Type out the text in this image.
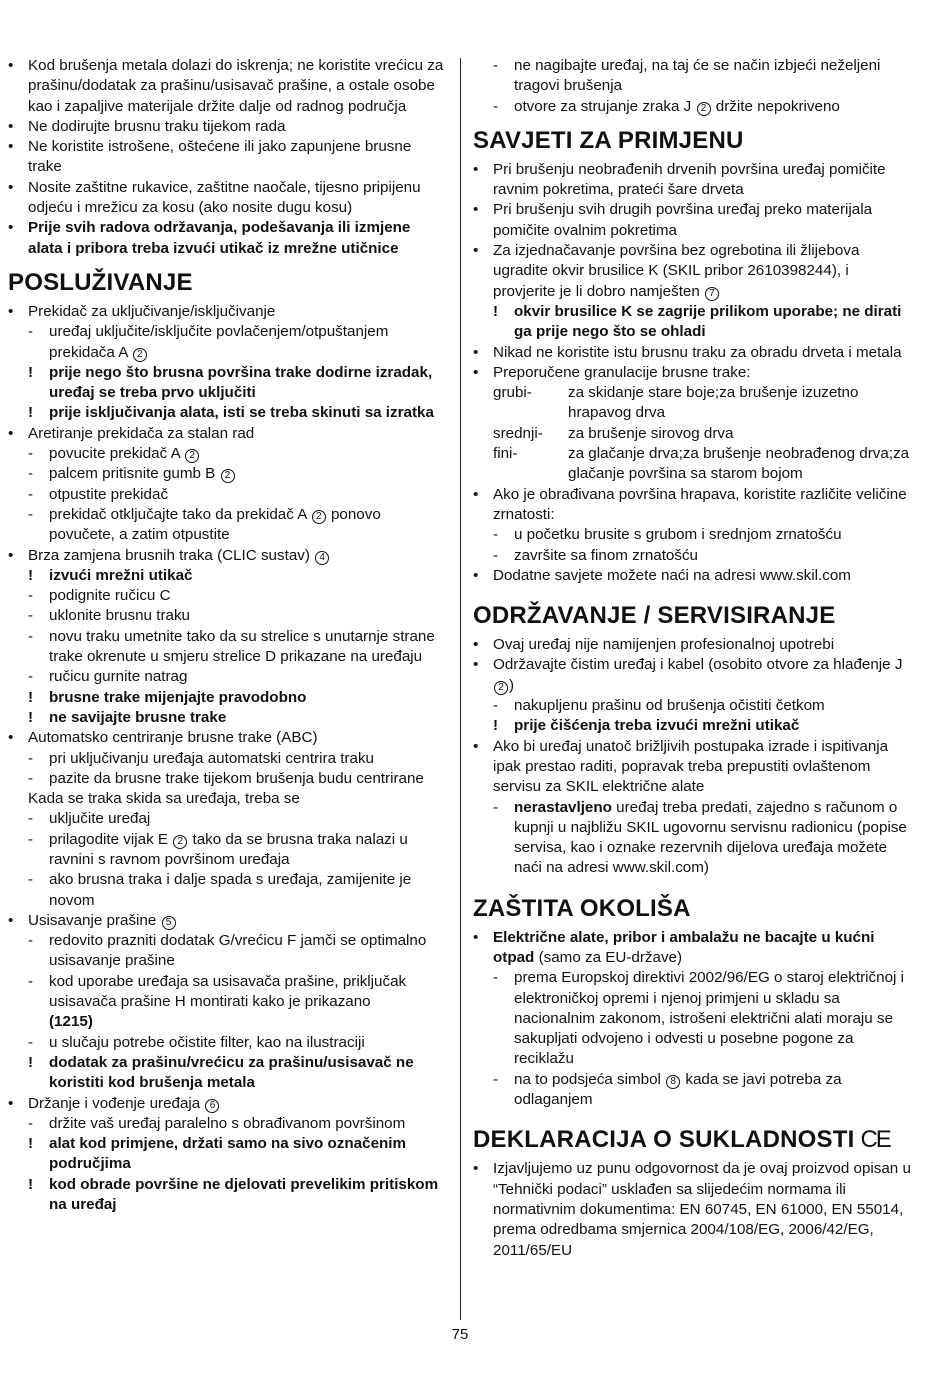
• Kod brušenja metala dolazi do iskrenja; ne koristite vrećicu za prašinu/dodatak za prašinu/usisavač prašine, a ostale osobe kao i zapaljive materijale držite dalje od radnog područja
• Ne dodirujte brusnu traku tijekom rada
• Ne koristite istrošene, oštećene ili jako zapunjene brusne trake
• Nosite zaštitne rukavice, zaštitne naočale, tijesno pripijenu odjeću i mrežicu za kosu (ako nosite dugu kosu)
• Prije svih radova održavanja, podešavanja ili izmjene alata i pribora treba izvući utikač iz mrežne utičnice
POSLUŽIVANJE
• Prekidač za uključivanje/isključivanje
-	uređaj uključite/isključite povlačenjem/otpuštanjem prekidača A 2
!	prije nego što brusna površina trake dodirne izradak, uređaj se treba prvo uključiti
!	prije isključivanja alata, isti se treba skinuti sa izratka
• Aretiranje prekidača za stalan rad
-	povucite prekidač A 2
-	palcem pritisnite gumb B 2
-	otpustite prekidač
-	prekidač otključajte tako da prekidač A 2 ponovo povučete, a zatim otpustite
• Brza zamjena brusnih traka (CLIC sustav) 4
!	izvući mrežni utikač
-	podignite ručicu C
-	uklonite brusnu traku
-	novu traku umetnite tako da su strelice s unutarnje strane trake okrenute u smjeru strelice D prikazane na uređaju
-	ručicu gurnite natrag
!	brusne trake mijenjajte pravodobno
!	ne savijajte brusne trake
• Automatsko centriranje brusne trake (ABC)
-	pri uključivanju uređaja automatski centrira traku
-	pazite da brusne trake tijekom brušenja budu centrirane
Kada se traka skida sa uređaja, treba se
-	uključite uređaj
-	prilagodite vijak E 2 tako da se brusna traka nalazi u ravnini s ravnom površinom uređaja
-	ako brusna traka i dalje spada s uređaja, zamijenite je novom
• Usisavanje prašine 5
-	redovito prazniti dodatak G/vrećicu F jamči se optimalno usisavanje prašine
-	kod uporabe uređaja sa usisavača prašine, priključak usisavača prašine H montirati kako je prikazano
(1215)
-	u slučaju potrebe očistite filter, kao na ilustraciji
!	dodatak za prašinu/vrećicu za prašinu/usisavač ne koristiti kod brušenja metala
• Držanje i vođenje uređaja 6
-	držite vaš uređaj paralelno s obrađivanom površinom
!	alat kod primjene, držati samo na sivo označenim područjima
!	kod obrade površine ne djelovati prevelikim pritiskom na uređaj
-	ne nagibajte uređaj, na taj će se način izbjeći neželjeni tragovi brušenja
-	otvore za strujanje zraka J 2 držite nepokriveno
SAVJETI ZA PRIMJENU
• Pri brušenju neobrađenih drvenih površina uređaj pomičite ravnim pokretima, prateći šare drveta
• Pri brušenju svih drugih površina uređaj preko materijala pomičite ovalnim pokretima
• Za izjednačavanje površina bez ogrebotina ili žlijebova ugradite okvir brusilice K (SKIL pribor 2610398244), i provjerite je li dobro namješten 7
!	okvir brusilice K se zagrije prilikom uporabe; ne dirati ga prije nego što se ohladi
• Nikad ne koristite istu brusnu traku za obradu drveta i metala
• Preporučene granulacije brusne trake:
grubi- za skidanje stare boje;za brušenje izuzetno hrapavog drva
srednji- za brušenje sirovog drva
fini-	za glačanje drva;za brušenje neobrađenog drva;za glačanje površina sa starom bojom
• Ako je obrađivana površina hrapava, koristite različite veličine zrnatosti:
-	u početku brusite s grubom i srednjom zrnatošću
-	završite sa finom zrnatošću
• Dodatne savjete možete naći na adresi www.skil.com
ODRŽAVANJE / SERVISIRANJE
• Ovaj uređaj nije namijenjen profesionalnoj upotrebi
• Održavajte čistim uređaj i kabel (osobito otvore za hlađenje J 2 )
-	nakupljenu prašinu od brušenja očistiti četkom
!	prije čišćenja treba izvući mrežni utikač
• Ako bi uređaj unatoč brižljivih postupaka izrade i ispitivanja ipak prestao raditi, popravak treba prepustiti ovlaštenom servisu za SKIL električne alate
-	nerastavljeno uređaj treba predati, zajedno s računom o kupnji u najbližu SKIL ugovornu servisnu radionicu (popise servisa, kao i oznake rezervnih dijelova uređaja možete naći na adresi www.skil.com)
ZAŠTITA OKOLIŠA
• Električne alate, pribor i ambalažu ne bacajte u kućni otpad (samo za EU-države)
-	prema Europskoj direktivi 2002/96/EG o staroj električnoj i elektroničkoj opremi i njenoj primjeni u skladu sa nacionalnim zakonom, istrošeni električni alati moraju se sakupljati odvojeno i odvesti u posebne pogone za reciklažu
-	na to podsjeća simbol 8 kada se javi potreba za odlaganjem
DEKLARACIJA O SUKLADNOSTI CE
• Izjavljujemo uz punu odgovornost da je ovaj proizvod opisan u “Tehnički podaci” usklađen sa slijedećim normama ili normativnim dokumentima: EN 60745, EN 61000, EN 55014, prema odredbama smjernica 2004/108/EG, 2006/42/EG, 2011/65/EU
75
